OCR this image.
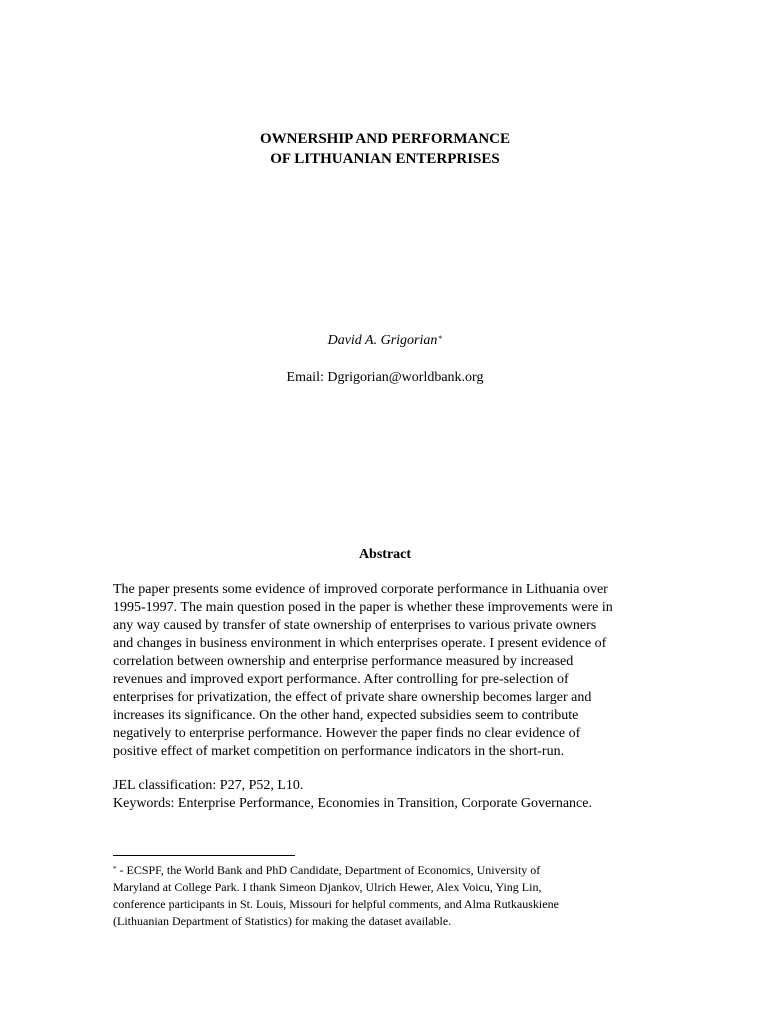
OWNERSHIP AND PERFORMANCE
OF LITHUANIAN ENTERPRISES
David A. Grigorian*
Email: Dgrigorian@worldbank.org
Abstract
The paper presents some evidence of improved corporate performance in Lithuania over
1995-1997. The main question posed in the paper is whether these improvements were in
any way caused by transfer of state ownership of enterprises to various private owners
and changes in business environment in which enterprises operate. I present evidence of
correlation between ownership and enterprise performance measured by increased
revenues and improved export performance. After controlling for pre-selection of
enterprises for privatization, the effect of private share ownership becomes larger and
increases its significance. On the other hand, expected subsidies seem to contribute
negatively to enterprise performance. However the paper finds no clear evidence of
positive effect of market competition on performance indicators in the short-run.
JEL classification: P27, P52, L10.
Keywords: Enterprise Performance, Economies in Transition, Corporate Governance.
* - ECSPF, the World Bank and PhD Candidate, Department of Economics, University of
Maryland at College Park. I thank Simeon Djankov, Ulrich Hewer, Alex Voicu, Ying Lin,
conference participants in St. Louis, Missouri for helpful comments, and Alma Rutkauskiene
(Lithuanian Department of Statistics) for making the dataset available.
